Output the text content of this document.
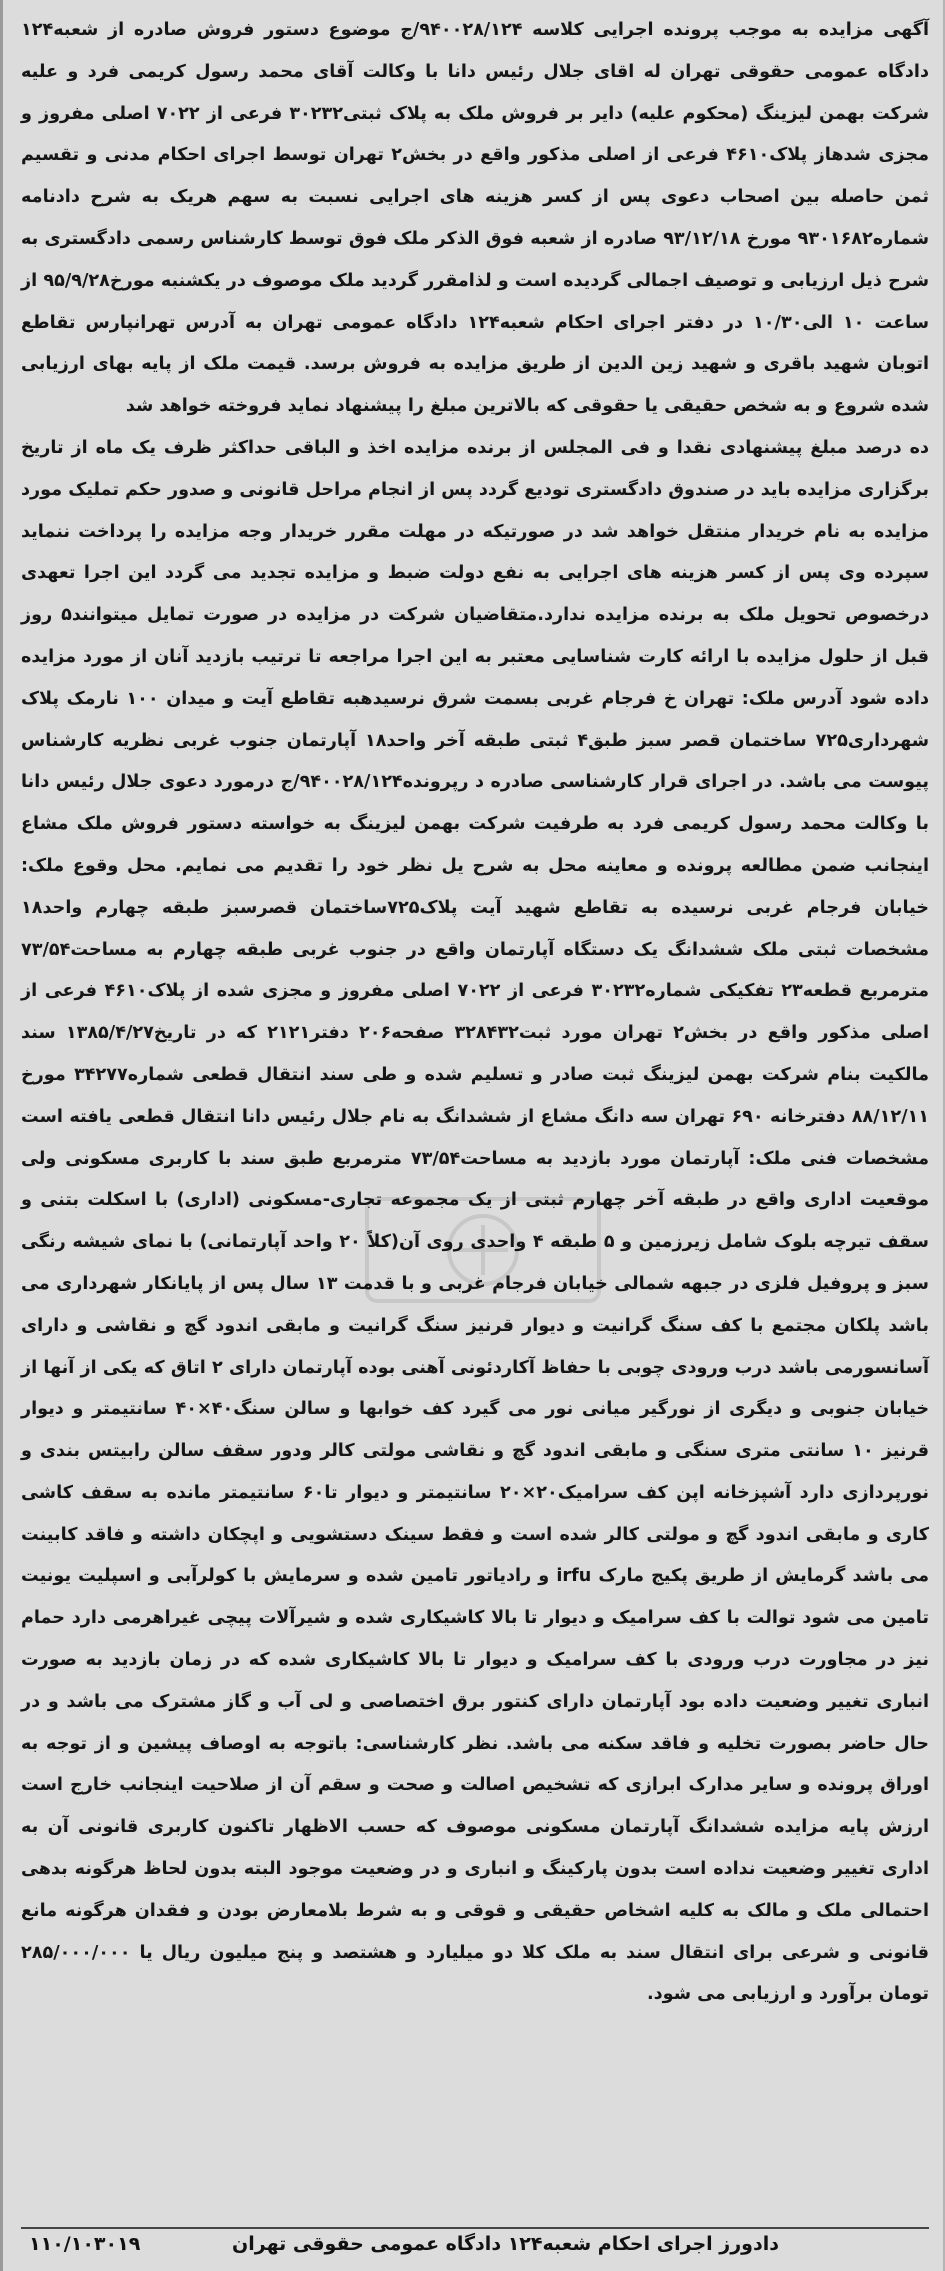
آگهی مزایده به موجب پرونده اجرایی کلاسه ۹۴۰۰۲۸/۱۲۴/ج موضوع دستور فروش صادره از شعبه۱۲۴ دادگاه عمومی حقوقی تهران له اقای جلال رئیس دانا با وکالت آقای محمد رسول کریمی فرد و علیه شرکت بهمن لیزینگ (محکوم علیه) دایر بر فروش ملک به پلاک ثبتی۳۰۲۳۲ فرعی از ۷۰۲۲ اصلی مفروز و مجزی شدهاز پلاک۴۶۱۰ فرعی از اصلی مذکور واقع در بخش۲ تهران توسط اجرای احکام مدنی و تقسیم ثمن حاصله بین اصحاب دعوی پس از کسر هزینه های اجرایی نسبت به سهم هریک به شرح دادنامه شماره۹۳۰۱۶۸۲ مورخ ۹۳/۱۲/۱۸ صادره از شعبه فوق الذکر ملک فوق توسط کارشناس رسمی دادگستری به شرح ذیل ارزیابی و توصیف اجمالی گردیده است و لذامقرر گردید ملک موصوف در یکشنبه مورخ۹۵/۹/۲۸ از ساعت ۱۰ الی۱۰/۳۰ در دفتر اجرای احکام شعبه۱۲۴ دادگاه عمومی تهران به آدرس تهرانپارس تقاطع اتوبان شهید باقری و شهید زین الدین از طریق مزایده به فروش برسد. قیمت ملک از پایه بهای ارزیابی شده شروع و به شخص حقیقی یا حقوقی که بالاترین مبلغ را پیشنهاد نماید فروخته خواهد شد

ده درصد مبلغ پیشنهادی نقدا و فی المجلس از برنده مزایده اخذ و الباقی حداکثر ظرف یک ماه از تاریخ برگزاری مزایده باید در صندوق دادگستری تودیع گردد پس از انجام مراحل قانونی و صدور حکم تملیک مورد مزایده به نام خریدار منتقل خواهد شد در صورتیکه در مهلت مقرر خریدار وجه مزایده را پرداخت ننماید سپرده وی پس از کسر هزینه های اجرایی به نفع دولت ضبط و مزایده تجدید می گردد این اجرا تعهدی درخصوص تحویل ملک به برنده مزایده ندارد.متقاضیان شرکت در مزایده در صورت تمایل میتوانند۵ روز قبل از حلول مزایده با ارائه کارت شناسایی معتبر به این اجرا مراجعه تا ترتیب بازدید آنان از مورد مزایده داده شود آدرس ملک: تهران خ فرجام غربی بسمت شرق نرسیدهبه تقاطع آیت و میدان ۱۰۰ نارمک پلاک شهرداری۷۲۵ ساختمان قصر سبز طبق۴ ثبتی طبقه آخر واحد۱۸ آپارتمان جنوب غربی نظریه کارشناس پیوست می باشد. در اجرای قرار کارشناسی صادره د رپرونده۹۴۰۰۲۸/۱۲۴/ج درمورد دعوی جلال رئیس دانا با وکالت محمد رسول کریمی فرد به طرفیت شرکت بهمن لیزینگ به خواسته دستور فروش ملک مشاع اینجانب ضمن مطالعه پرونده و معاینه محل به شرح یل نظر خود را تقدیم می نمایم. محل وقوع ملک: خیابان فرجام غربی نرسیده به تقاطع شهید آیت پلاک۷۲۵ساختمان قصرسبز طبقه چهارم واحد۱۸ مشخصات ثبتی ملک ششدانگ یک دستگاه آپارتمان واقع در جنوب غربی طبقه چهارم به مساحت۷۳/۵۴ مترمربع قطعه۲۳ تفکیکی شماره۳۰۲۳۲ فرعی از ۷۰۲۲ اصلی مفروز و مجزی شده از پلاک۴۶۱۰ فرعی از اصلی مذکور واقع در بخش۲ تهران مورد ثبت۳۲۸۴۳۲ صفحه۲۰۶ دفتر۲۱۲۱ که در تاریخ۱۳۸۵/۴/۲۷ سند مالکیت بنام شرکت بهمن لیزینگ ثبت صادر و تسلیم شده و طی سند انتقال قطعی شماره۳۴۲۷۷ مورخ ۸۸/۱۲/۱۱ دفترخانه ۶۹۰ تهران سه دانگ مشاع از ششدانگ به نام جلال رئیس دانا انتقال قطعی یافته است مشخصات فنی ملک: آپارتمان مورد بازدید به مساحت۷۳/۵۴ مترمربع طبق سند با کاربری مسکونی ولی موقعیت اداری واقع در طبقه آخر چهارم ثبتی از یک مجموعه تجاری-مسکونی (اداری) با اسکلت بتنی و سقف تیرچه بلوک شامل زیرزمین و ۵ طبقه ۴ واحدی روی آن(کلاً ۲۰ واحد آپارتمانی) با نمای شیشه رنگی سبز و پروفیل فلزی در جبهه شمالی خیابان فرجام غربی و با قدمت ۱۳ سال پس از پایانکار شهرداری می باشد پلکان مجتمع با کف سنگ گرانیت و دیوار قرنیز سنگ گرانیت و مابقی اندود گچ و نقاشی و دارای آسانسورمی باشد درب ورودی چوبی با حفاظ آکاردئونی آهنی بوده آپارتمان دارای ۲ اتاق که یکی از آنها از خیابان جنوبی و دیگری از نورگیر میانی نور می گیرد کف خوابها و سالن سنگ۴۰×۴۰ سانتیمتر و دیوار قرنیز ۱۰ سانتی متری سنگی و مابقی اندود گچ و نقاشی مولتی کالر ودور سقف سالن رابیتس بندی و نورپردازی دارد آشپزخانه اپن کف سرامیک۲۰×۲۰ سانتیمتر و دیوار تا۶۰ سانتیمتر مانده به سقف کاشی کاری و مابقی اندود گچ و مولتی کالر شده است و فقط سینک دستشویی و اپچکان داشته و فاقد کابینت می باشد گرمایش از طریق پکیج مارک irfu و رادیاتور تامین شده و سرمایش با کولرآبی و اسپلیت یونیت تامین می شود توالت با کف سرامیک و دیوار تا بالا کاشیکاری شده و شیرآلات پیچی غیراهرمی دارد حمام نیز در مجاورت درب ورودی با کف سرامیک و دیوار تا بالا کاشیکاری شده که در زمان بازدید به صورت انباری تغییر وضعیت داده بود آپارتمان دارای کنتور برق اختصاصی و لی آب و گاز مشترک می باشد و در حال حاضر بصورت تخلیه و فاقد سکنه می باشد. نظر کارشناسی: باتوجه به اوصاف پیشین و از توجه به اوراق پرونده و سایر مدارک ابرازی که تشخیص اصالت و صحت و سقم آن از صلاحیت اینجانب خارج است ارزش پایه مزایده ششدانگ آپارتمان مسکونی موصوف که حسب الاظهار تاکنون کاربری قانونی آن به اداری تغییر وضعیت نداده است بدون پارکینگ و انباری و در وضعیت موجود البته بدون لحاظ هرگونه بدهی احتمالی ملک و مالک به کلیه اشخاص حقیقی و قوقی و به شرط بلامعارض بودن و فقدان هرگونه مانع قانونی و شرعی برای انتقال سند به ملک کلا دو میلیارد و هشتصد و پنج میلیون ریال یا ۲۸۵/۰۰۰/۰۰۰ تومان برآورد و ارزیابی می شود.

دادورز اجرای احکام شعبه۱۲۴ دادگاه عمومی حقوقی تهران
۱۱۰/۱۰۳۰۱۹
